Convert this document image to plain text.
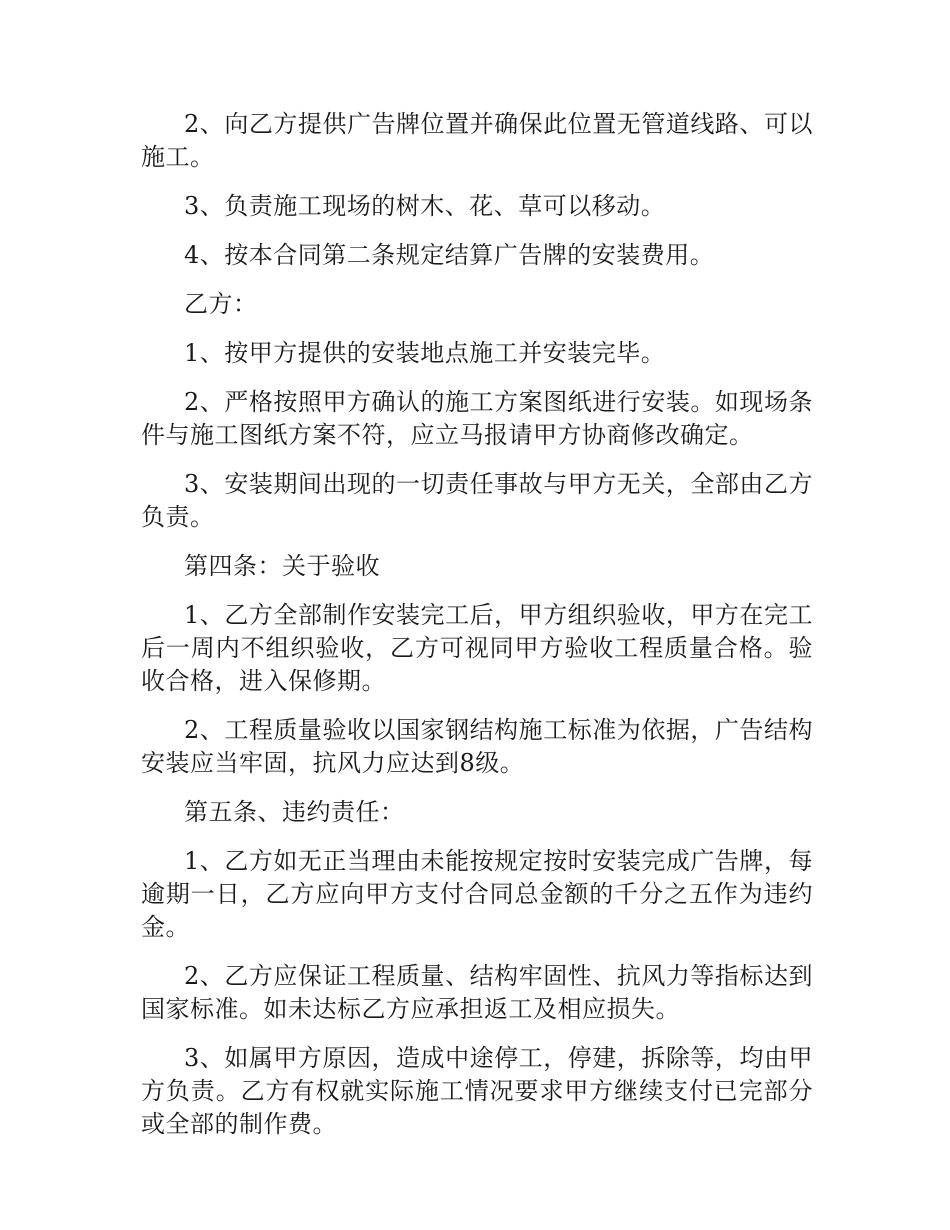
2、向乙方提供广告牌位置并确保此位置无管道线路、可以施工。

3、负责施工现场的树木、花、草可以移动。

4、按本合同第二条规定结算广告牌的安装费用。

乙方：

1、按甲方提供的安装地点施工并安装完毕。

2、严格按照甲方确认的施工方案图纸进行安装。如现场条件与施工图纸方案不符，应立马报请甲方协商修改确定。

3、安装期间出现的一切责任事故与甲方无关，全部由乙方负责。

第四条：关于验收

1、乙方全部制作安装完工后，甲方组织验收，甲方在完工后一周内不组织验收，乙方可视同甲方验收工程质量合格。验收合格，进入保修期。

2、工程质量验收以国家钢结构施工标准为依据，广告结构安装应当牢固，抗风力应达到8级。

第五条、违约责任：

1、乙方如无正当理由未能按规定按时安装完成广告牌，每逾期一日，乙方应向甲方支付合同总金额的千分之五作为违约金。

2、乙方应保证工程质量、结构牢固性、抗风力等指标达到国家标准。如未达标乙方应承担返工及相应损失。

3、如属甲方原因，造成中途停工，停建，拆除等，均由甲方负责。乙方有权就实际施工情况要求甲方继续支付已完部分或全部的制作费。
